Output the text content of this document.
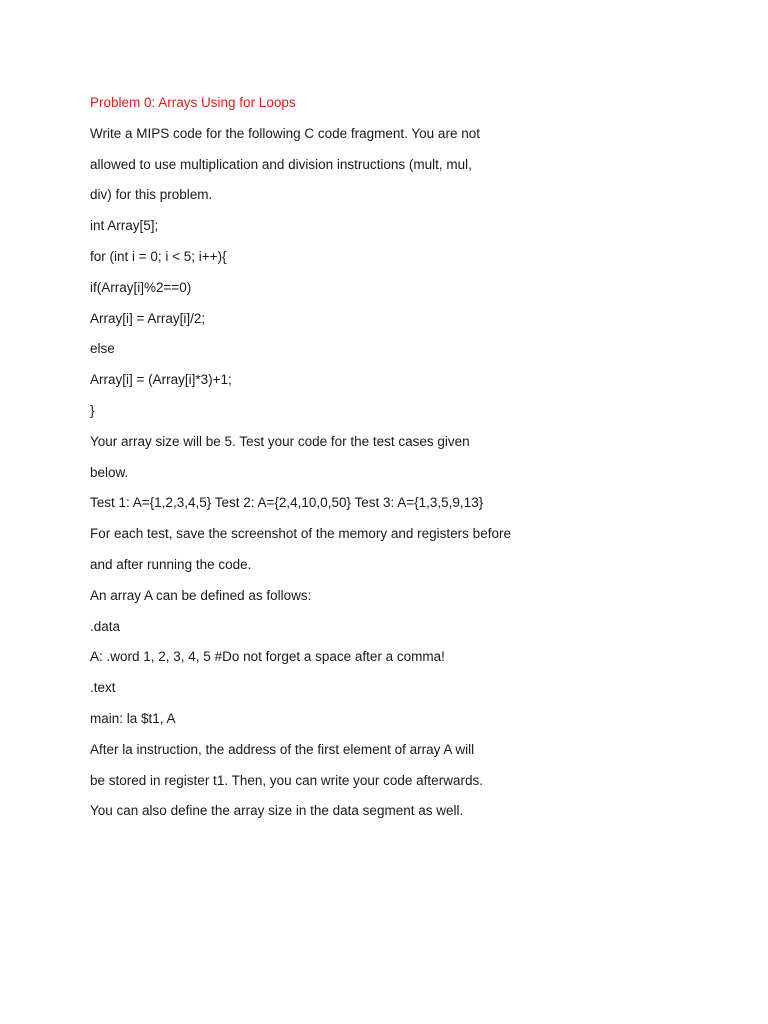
Problem 0: Arrays Using for Loops

Write a MIPS code for the following C code fragment. You are not

allowed to use multiplication and division instructions (mult, mul,

div) for this problem.

int Array[5];

for (int i = 0; i < 5; i++){

if(Array[i]%2==0)

Array[i] = Array[i]/2;

else

Array[i] = (Array[i]*3)+1;

}

Your array size will be 5. Test your code for the test cases given

below.

Test 1: A={1,2,3,4,5} Test 2: A={2,4,10,0,50} Test 3: A={1,3,5,9,13}

For each test, save the screenshot of the memory and registers before

and after running the code.

An array A can be defined as follows:

.data

A: .word 1, 2, 3, 4, 5 #Do not forget a space after a comma!

.text

main: la $t1, A

After la instruction, the address of the first element of array A will

be stored in register t1. Then, you can write your code afterwards.

You can also define the array size in the data segment as well.
